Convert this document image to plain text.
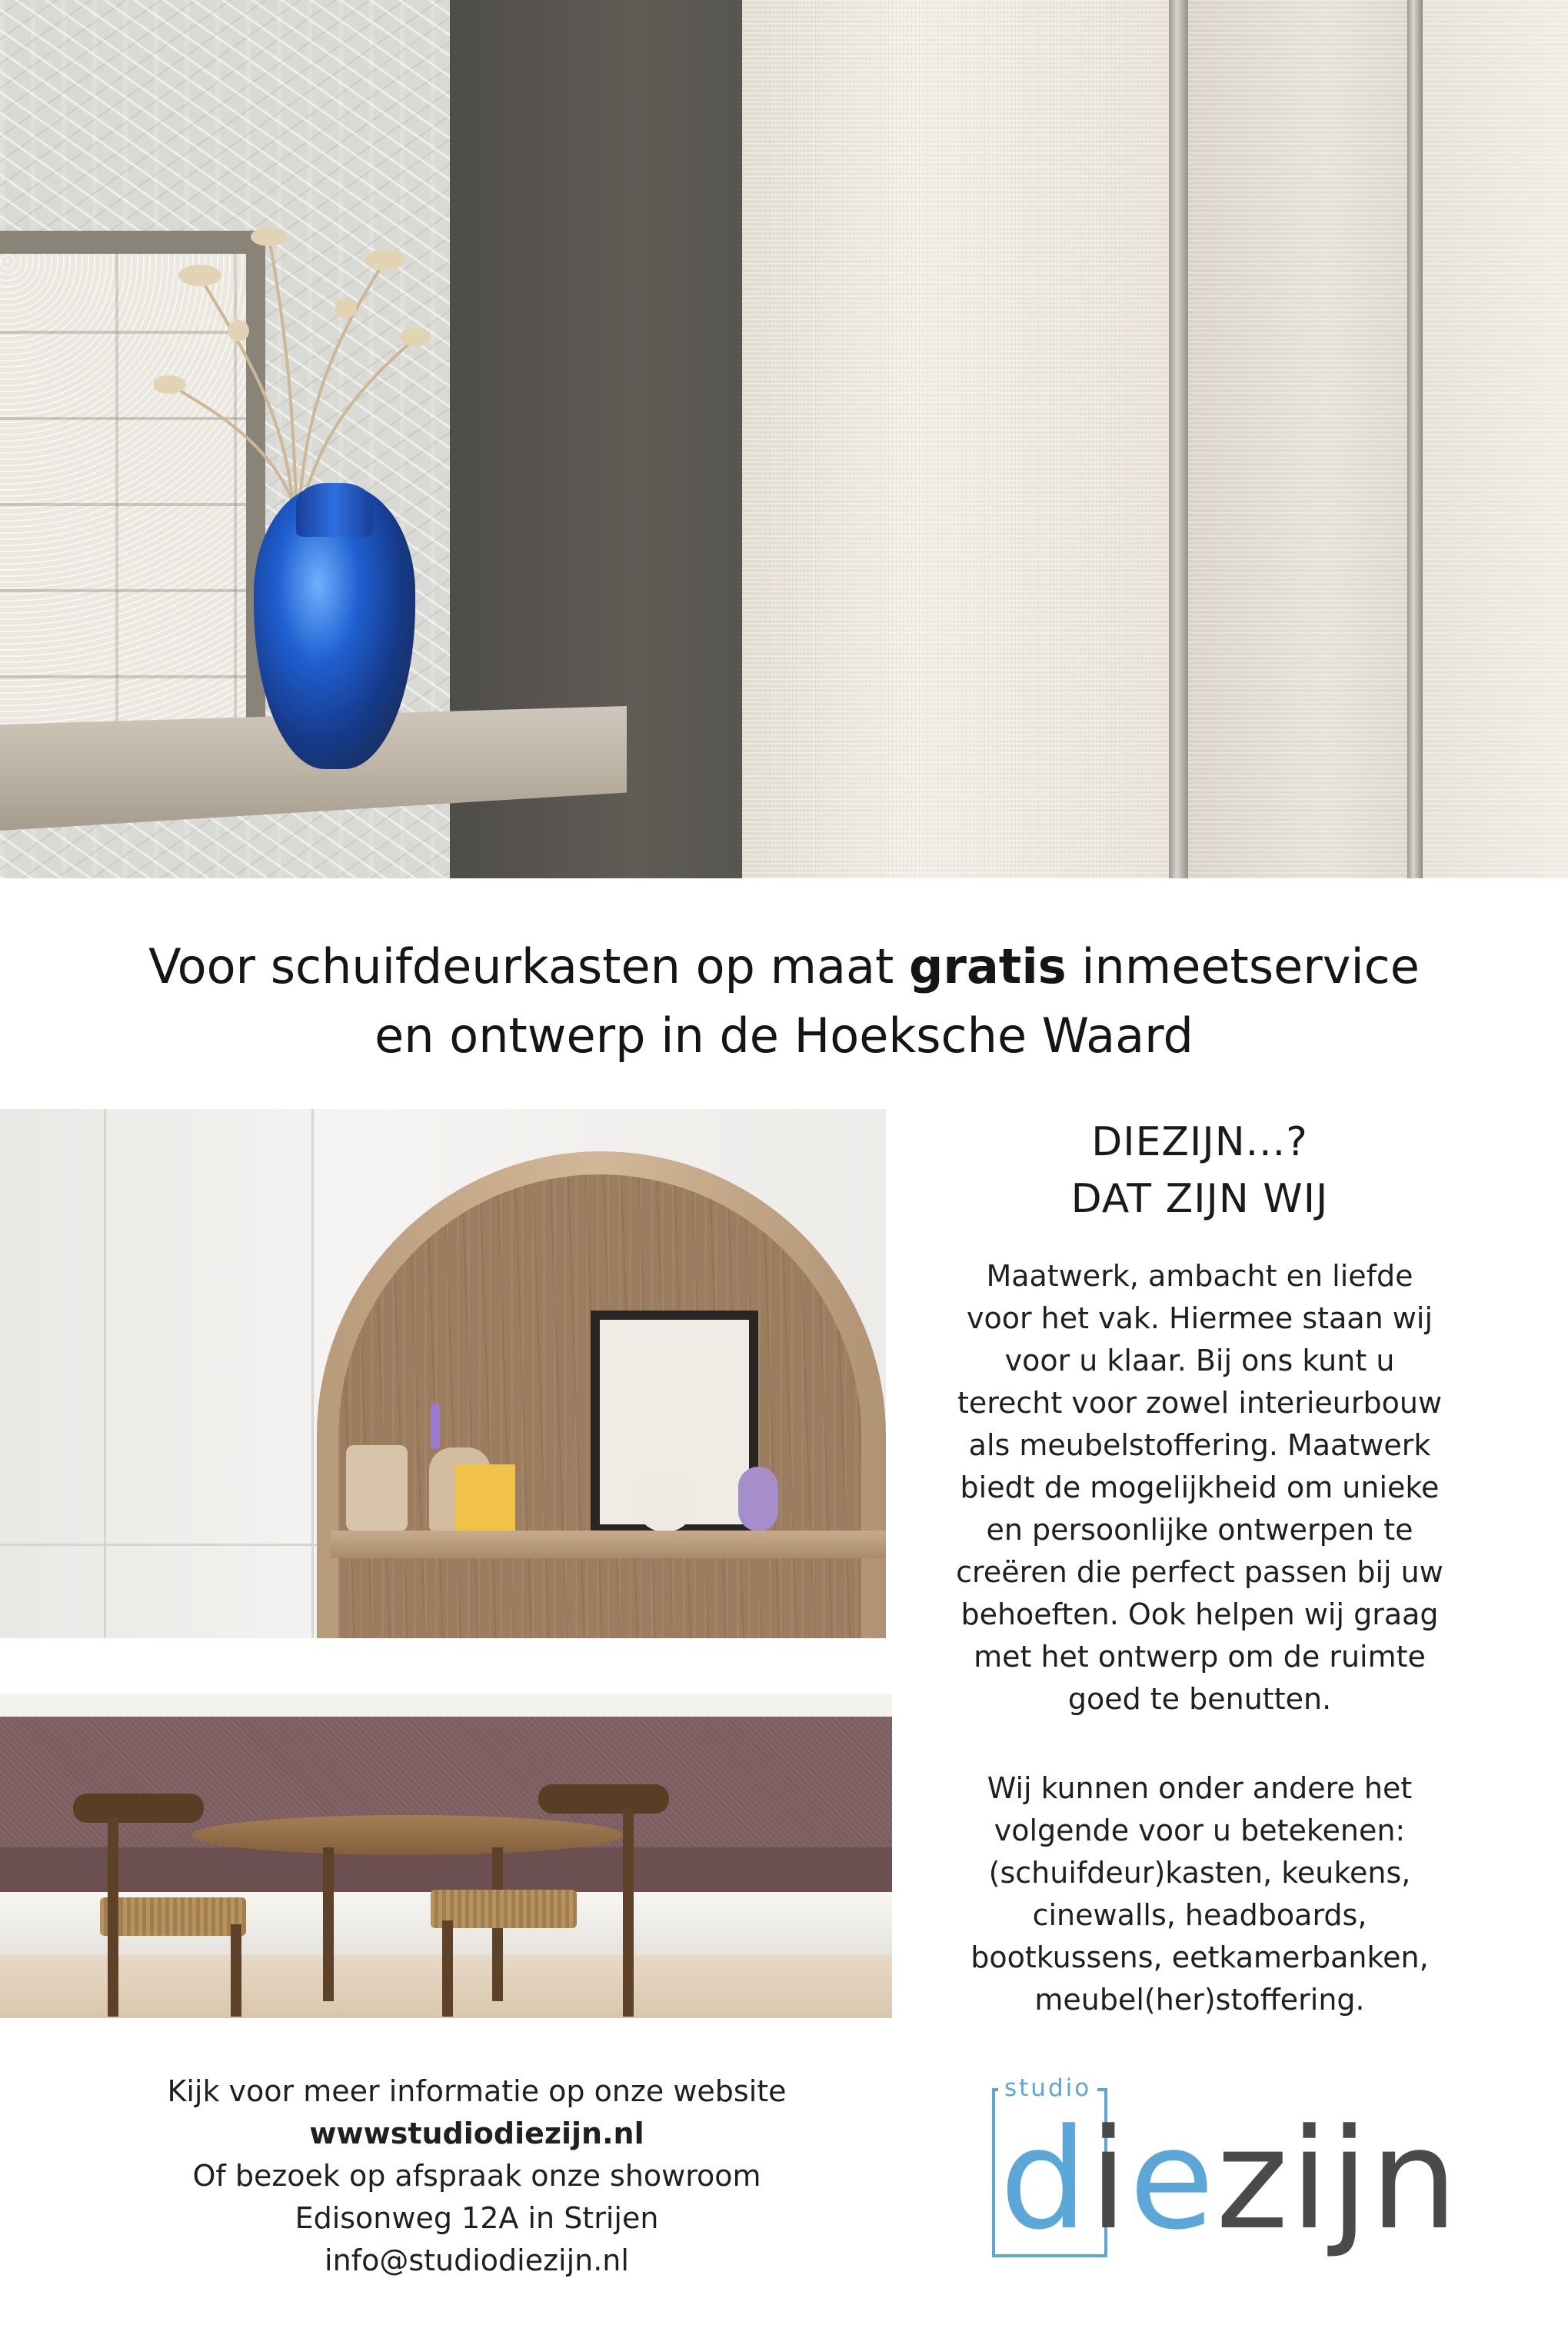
Voor schuifdeurkasten op maat gratis inmeetservice
en ontwerp in de Hoeksche Waard
DIEZIJN...?
DAT ZIJN WIJ
Maatwerk, ambacht en liefde
voor het vak. Hiermee staan wij
voor u klaar. Bij ons kunt u
terecht voor zowel interieurbouw
als meubelstoffering. Maatwerk
biedt de mogelijkheid om unieke
en persoonlijke ontwerpen te
creëren die perfect passen bij uw
behoeften. Ook helpen wij graag
met het ontwerp om de ruimte
goed te benutten.
Wij kunnen onder andere het
volgende voor u betekenen:
(schuifdeur)kasten, keukens,
cinewalls, headboards,
bootkussens, eetkamerbanken,
meubel(her)stoffering.
Kijk voor meer informatie op onze website
wwwstudiodiezijn.nl
Of bezoek op afspraak onze showroom
Edisonweg 12A in Strijen
info@studiodiezijn.nl
studio
diezijn
